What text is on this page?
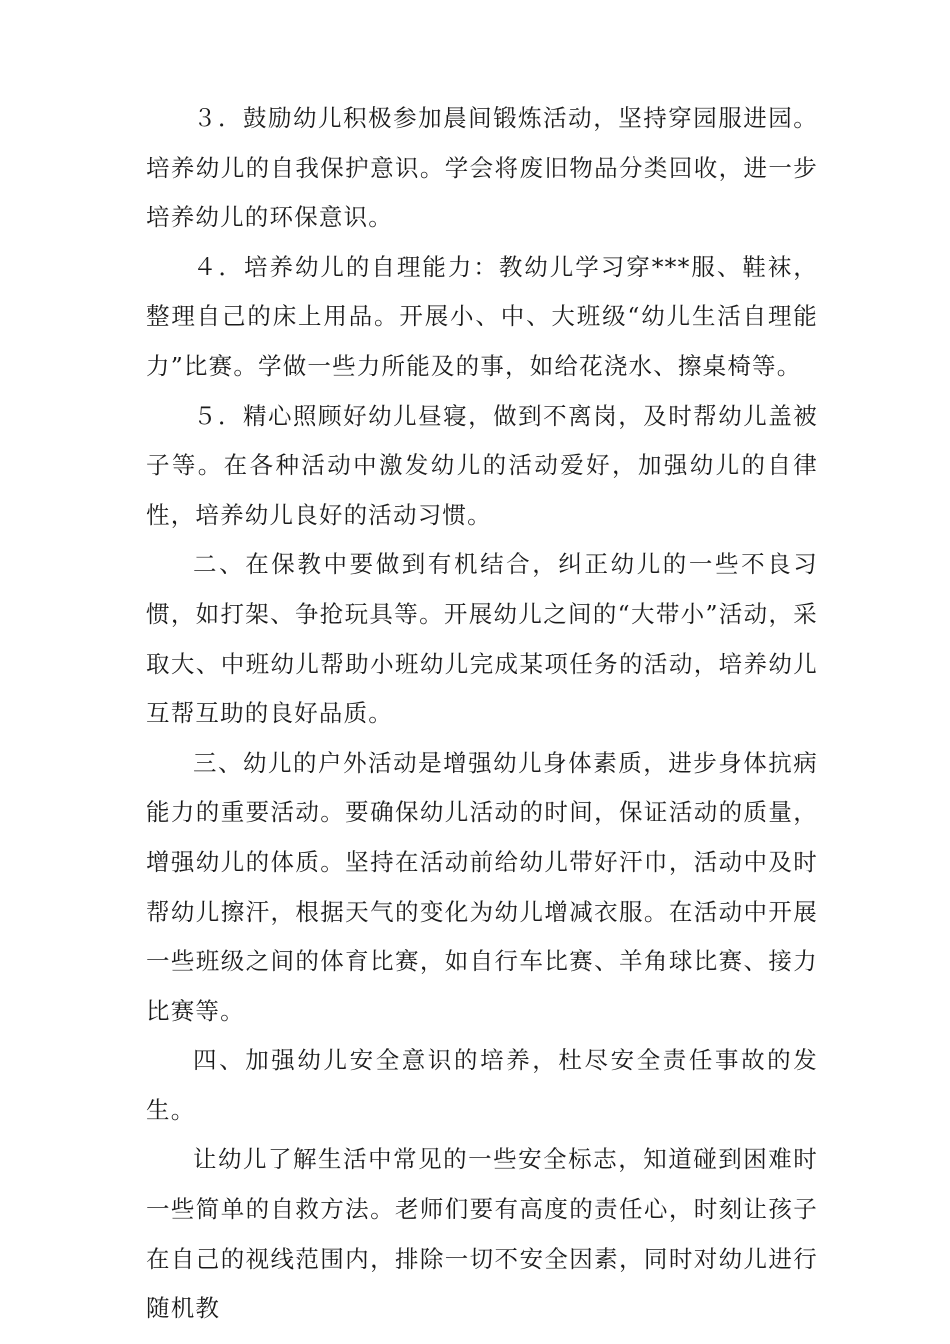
３．鼓励幼儿积极参加晨间锻炼活动，坚持穿园服进园。培养幼儿的自我保护意识。学会将废旧物品分类回收，进一步培养幼儿的环保意识。

４．培养幼儿的自理能力：教幼儿学习穿***服、鞋袜，整理自己的床上用品。开展小、中、大班级“幼儿生活自理能力”比赛。学做一些力所能及的事，如给花浇水、擦桌椅等。

５．精心照顾好幼儿昼寝，做到不离岗，及时帮幼儿盖被子等。在各种活动中激发幼儿的活动爱好，加强幼儿的自律性，培养幼儿良好的活动习惯。

二、在保教中要做到有机结合，纠正幼儿的一些不良习惯，如打架、争抢玩具等。开展幼儿之间的“大带小”活动，采取大、中班幼儿帮助小班幼儿完成某项任务的活动，培养幼儿互帮互助的良好品质。

三、幼儿的户外活动是增强幼儿身体素质，进步身体抗病能力的重要活动。要确保幼儿活动的时间，保证活动的质量，增强幼儿的体质。坚持在活动前给幼儿带好汗巾，活动中及时帮幼儿擦汗，根据天气的变化为幼儿增减衣服。在活动中开展一些班级之间的体育比赛，如自行车比赛、羊角球比赛、接力比赛等。

四、加强幼儿安全意识的培养，杜尽安全责任事故的发生。

让幼儿了解生活中常见的一些安全标志，知道碰到困难时一些简单的自救方法。老师们要有高度的责任心，时刻让孩子在自己的视线范围内，排除一切不安全因素，同时对幼儿进行随机教
